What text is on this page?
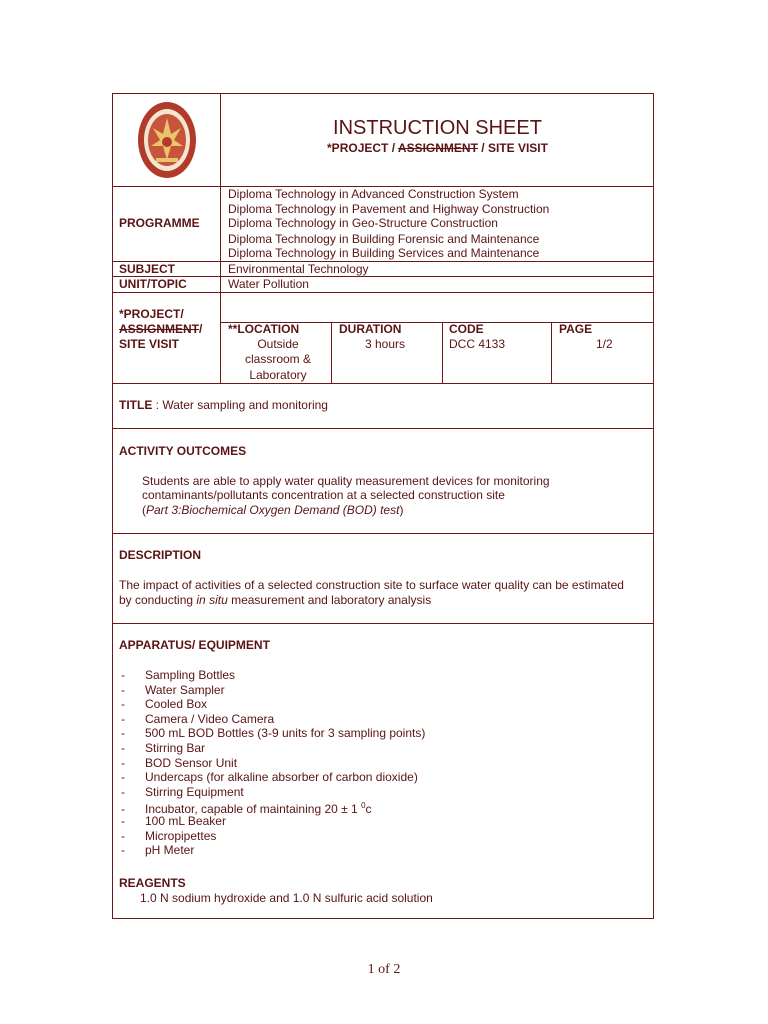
INSTRUCTION SHEET
*PROJECT / ASSIGNMENT / SITE VISIT
PROGRAMME
Diploma Technology in Advanced Construction System
Diploma Technology in Pavement and Highway Construction
Diploma Technology in Geo-Structure Construction
Diploma Technology in Building Forensic and Maintenance
Diploma Technology in Building Services and Maintenance
SUBJECT	Environmental Technology
UNIT/TOPIC	Water Pollution
*PROJECT/
ASSIGNMENT/
SITE VISIT
**LOCATION
Outside
classroom &
Laboratory
DURATION
3 hours
CODE
DCC 4133
PAGE
1/2
TITLE : Water sampling and monitoring
ACTIVITY OUTCOMES
Students are able to apply water quality measurement devices for monitoring
contaminants/pollutants concentration at a selected construction site
(Part 3:Biochemical Oxygen Demand (BOD) test)
DESCRIPTION
The impact of activities of a selected construction site to surface water quality can be estimated
by conducting in situ measurement and laboratory analysis
APPARATUS/ EQUIPMENT
- Sampling Bottles
- Water Sampler
- Cooled Box
- Camera / Video Camera
- 500 mL BOD Bottles (3-9 units for 3 sampling points)
- Stirring Bar
- BOD Sensor Unit
- Undercaps (for alkaline absorber of carbon dioxide)
- Stirring Equipment
- Incubator, capable of maintaining 20 ± 1 $^0$c
- 100 mL Beaker
- Micropipettes
- pH Meter
REAGENTS
1.0 N sodium hydroxide and 1.0 N sulfuric acid solution
1 of 2
